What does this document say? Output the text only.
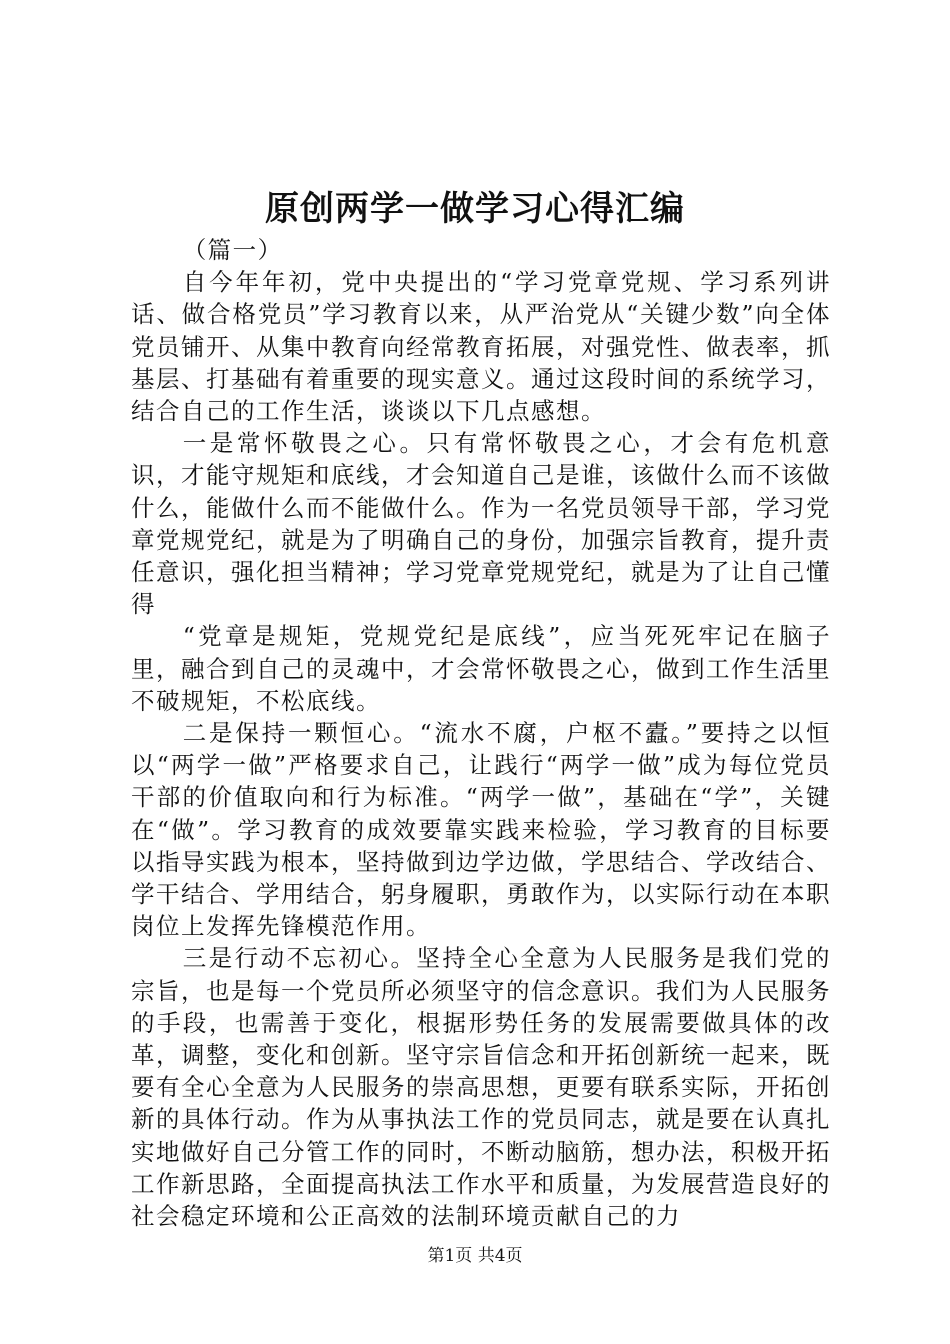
原创两学一做学习心得汇编

（篇一）

自今年年初，党中央提出的“学习党章党规、学习系列讲话、做合格党员”学习教育以来，从严治党从“关键少数”向全体党员铺开、从集中教育向经常教育拓展，对强党性、做表率，抓基层、打基础有着重要的现实意义。通过这段时间的系统学习，结合自己的工作生活，谈谈以下几点感想。

一是常怀敬畏之心。只有常怀敬畏之心，才会有危机意识，才能守规矩和底线，才会知道自己是谁，该做什么而不该做什么，能做什么而不能做什么。作为一名党员领导干部，学习党章党规党纪，就是为了明确自己的身份，加强宗旨教育，提升责任意识，强化担当精神；学习党章党规党纪，就是为了让自己懂得

“党章是规矩，党规党纪是底线”，应当死死牢记在脑子里，融合到自己的灵魂中，才会常怀敬畏之心，做到工作生活里不破规矩，不松底线。

二是保持一颗恒心。“流水不腐，户枢不蠹。”要持之以恒以“两学一做”严格要求自己，让践行“两学一做”成为每位党员干部的价值取向和行为标准。“两学一做”，基础在“学”，关键在“做”。学习教育的成效要靠实践来检验，学习教育的目标要以指导实践为根本，坚持做到边学边做，学思结合、学改结合、学干结合、学用结合，躬身履职，勇敢作为，以实际行动在本职岗位上发挥先锋模范作用。

三是行动不忘初心。坚持全心全意为人民服务是我们党的宗旨，也是每一个党员所必须坚守的信念意识。我们为人民服务的手段，也需善于变化，根据形势任务的发展需要做具体的改革，调整，变化和创新。坚守宗旨信念和开拓创新统一起来，既要有全心全意为人民服务的崇高思想，更要有联系实际，开拓创新的具体行动。作为从事执法工作的党员同志，就是要在认真扎实地做好自己分管工作的同时，不断动脑筋，想办法，积极开拓工作新思路，全面提高执法工作水平和质量，为发展营造良好的社会稳定环境和公正高效的法制环境贡献自己的力

第1页 共4页
